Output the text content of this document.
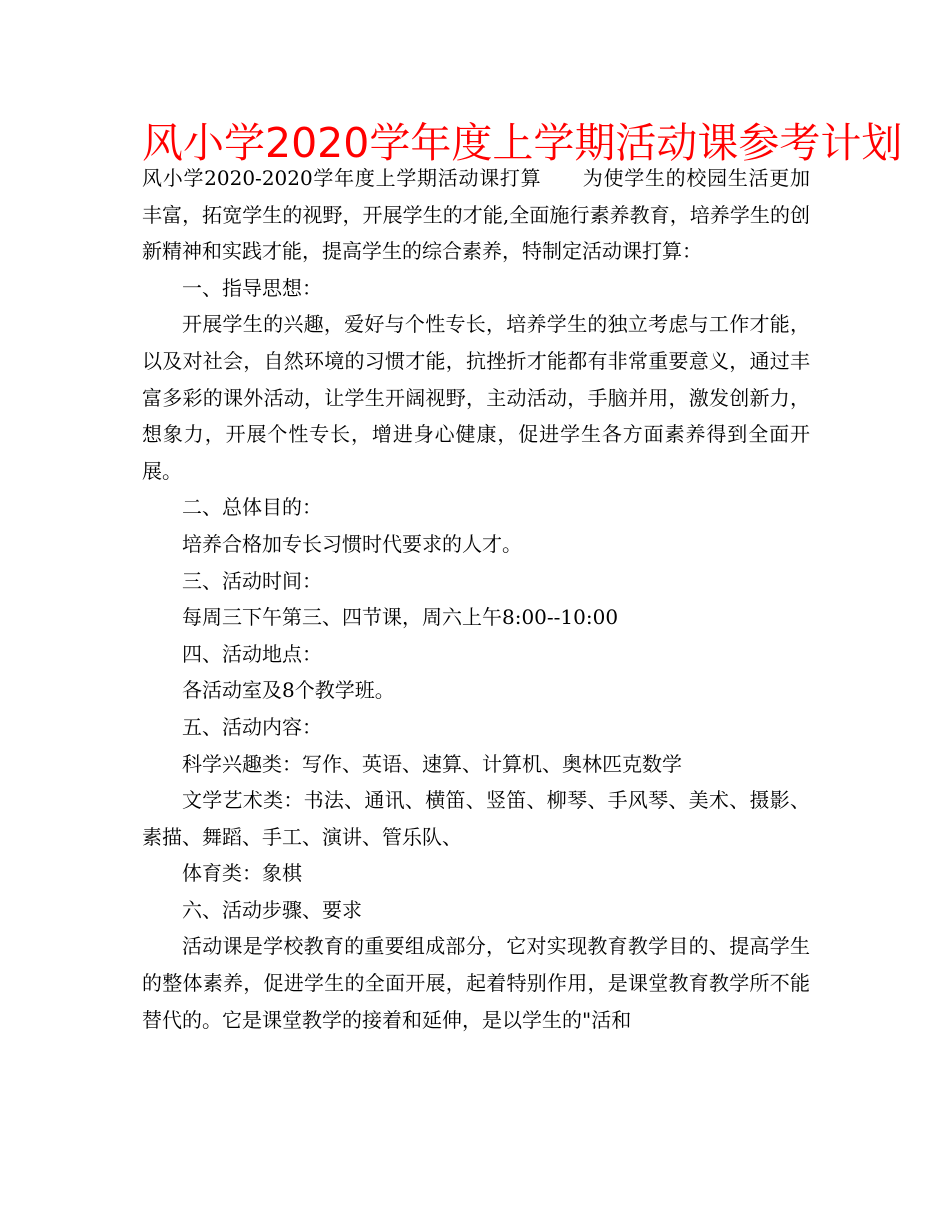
风小学2020学年度上学期活动课参考计划

风小学2020-2020学年度上学期活动课打算　　为使学生的校园生活更加丰富，拓宽学生的视野，开展学生的才能,全面施行素养教育，培养学生的创新精神和实践才能，提高学生的综合素养，特制定活动课打算：

一、指导思想：

开展学生的兴趣，爱好与个性专长，培养学生的独立考虑与工作才能，以及对社会，自然环境的习惯才能，抗挫折才能都有非常重要意义，通过丰富多彩的课外活动，让学生开阔视野，主动活动，手脑并用，激发创新力，想象力，开展个性专长，增进身心健康，促进学生各方面素养得到全面开展。

二、总体目的：

培养合格加专长习惯时代要求的人才。

三、活动时间：

每周三下午第三、四节课，周六上午8:00--10:00

四、活动地点：

各活动室及8个教学班。

五、活动内容：

科学兴趣类：写作、英语、速算、计算机、奥林匹克数学

文学艺术类：书法、通讯、横笛、竖笛、柳琴、手风琴、美术、摄影、素描、舞蹈、手工、演讲、管乐队、

体育类：象棋

六、活动步骤、要求

活动课是学校教育的重要组成部分，它对实现教育教学目的、提高学生的整体素养，促进学生的全面开展，起着特别作用，是课堂教育教学所不能替代的。它是课堂教学的接着和延伸，是以学生的"活和
